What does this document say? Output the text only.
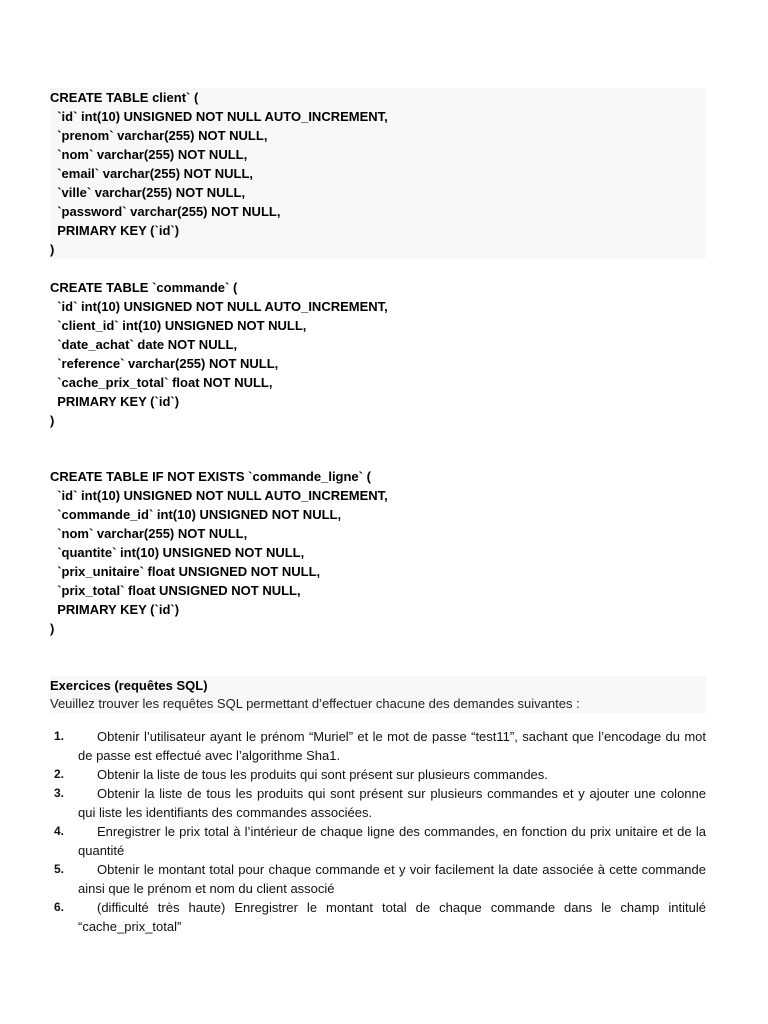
CREATE TABLE client` (
`id` int(10) UNSIGNED NOT NULL AUTO_INCREMENT,
`prenom` varchar(255) NOT NULL,
`nom` varchar(255) NOT NULL,
`email` varchar(255) NOT NULL,
`ville` varchar(255) NOT NULL,
`password` varchar(255) NOT NULL,
PRIMARY KEY (`id`)
)
CREATE TABLE `commande` (
`id` int(10) UNSIGNED NOT NULL AUTO_INCREMENT,
`client_id` int(10) UNSIGNED NOT NULL,
`date_achat` date NOT NULL,
`reference` varchar(255) NOT NULL,
`cache_prix_total` float NOT NULL,
PRIMARY KEY (`id`)
)
CREATE TABLE IF NOT EXISTS `commande_ligne` (
`id` int(10) UNSIGNED NOT NULL AUTO_INCREMENT,
`commande_id` int(10) UNSIGNED NOT NULL,
`nom` varchar(255) NOT NULL,
`quantite` int(10) UNSIGNED NOT NULL,
`prix_unitaire` float UNSIGNED NOT NULL,
`prix_total` float UNSIGNED NOT NULL,
PRIMARY KEY (`id`)
)
Exercices (requêtes SQL)
Veuillez trouver les requêtes SQL permettant d’effectuer chacune des demandes suivantes :
1.	Obtenir l’utilisateur ayant le prénom “Muriel” et le mot de passe “test11”, sachant que l’encodage du mot de passe est effectué avec l’algorithme Sha1.
2.	Obtenir la liste de tous les produits qui sont présent sur plusieurs commandes.
3.	Obtenir la liste de tous les produits qui sont présent sur plusieurs commandes et y ajouter une colonne qui liste les identifiants des commandes associées.
4.	Enregistrer le prix total à l’intérieur de chaque ligne des commandes, en fonction du prix unitaire et de la quantité
5.	Obtenir le montant total pour chaque commande et y voir facilement la date associée à cette commande ainsi que le prénom et nom du client associé
6.	(difficulté très haute) Enregistrer le montant total de chaque commande dans le champ intitulé “cache_prix_total”
